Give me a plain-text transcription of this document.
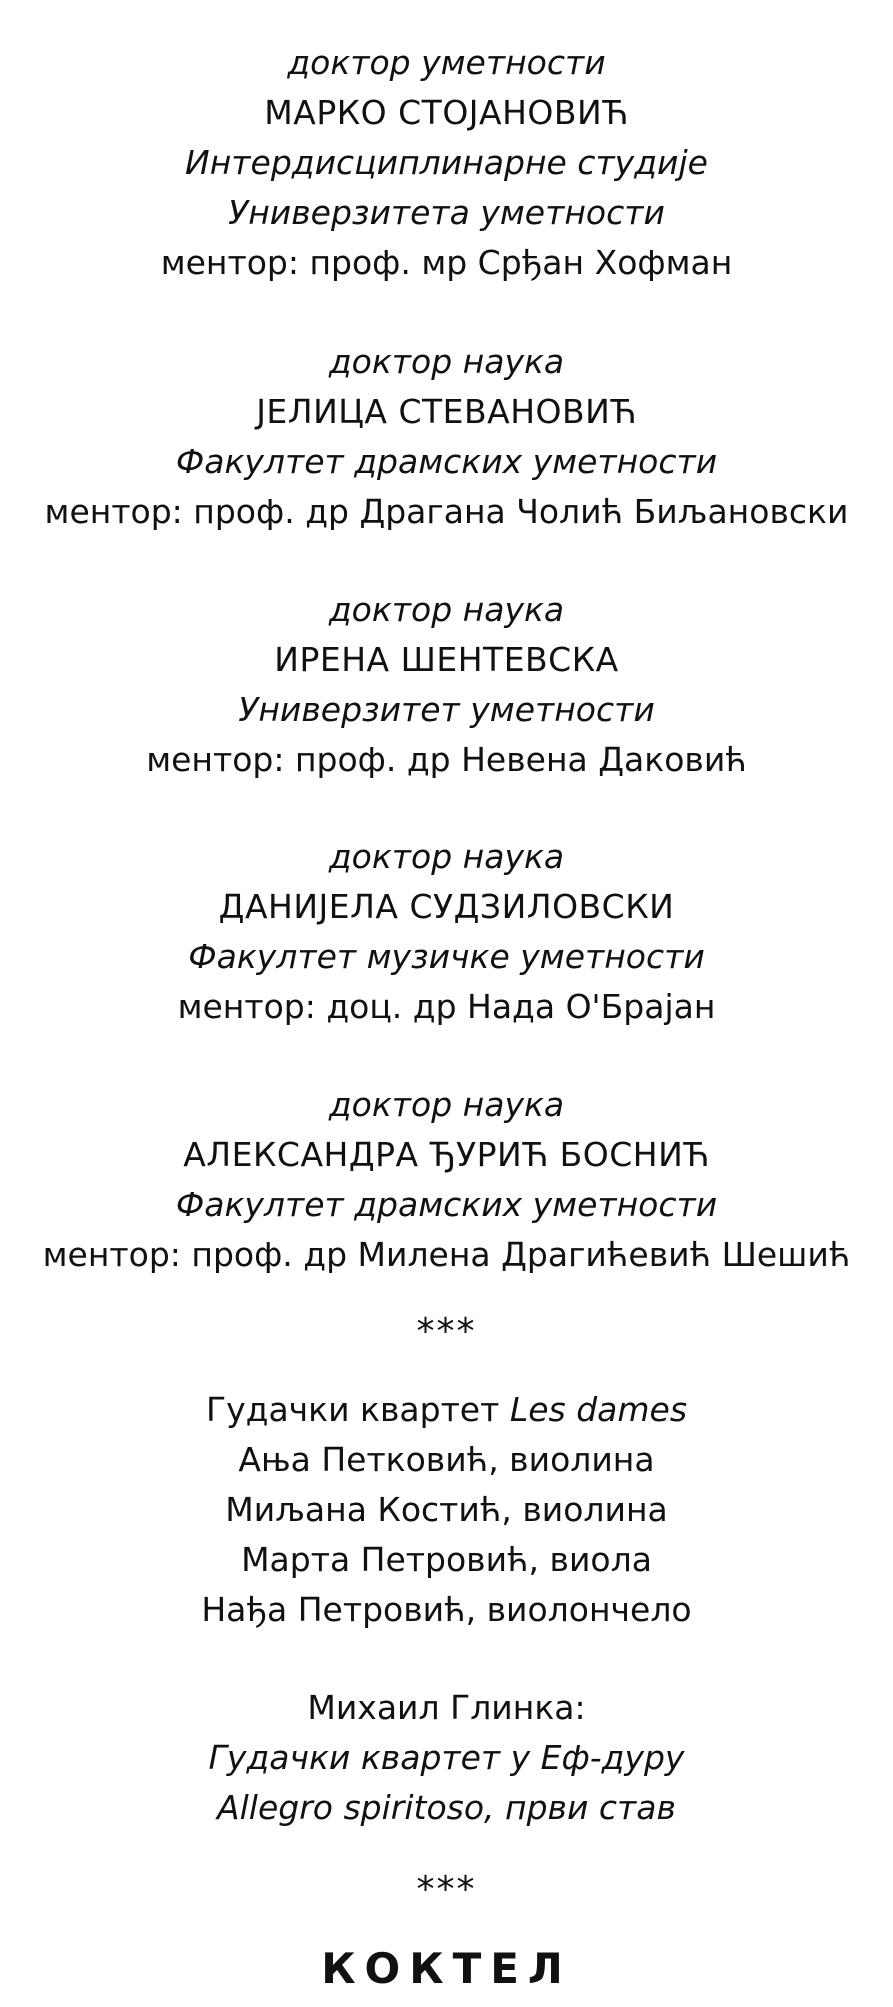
доктор уметности
МАРКО СТОЈАНОВИЋ
Интердисциплинарне студије
Универзитета уметности
ментор: проф. мр Срђан Хофман
доктор наука
ЈЕЛИЦА СТЕВАНОВИЋ
Факултет драмских уметности
ментор: проф. др Драгана Чолић Биљановски
доктор наука
ИРЕНА ШЕНТЕВСКА
Универзитет уметности
ментор: проф. др Невена Даковић
доктор наука
ДАНИЈЕЛА СУДЗИЛОВСКИ
Факултет музичке уметности
ментор: доц. др Нада О'Брајан
доктор наука
АЛЕКСАНДРА ЂУРИЋ БОСНИЋ
Факултет драмских уметности
ментор: проф. др Милена Драгићевић Шешић
***
Гудачки квартет Les dames
Ања Петковић, виолина
Миљана Костић, виолина
Марта Петровић, виола
Нађа Петровић, виолончело
Михаил Глинка:
Гудачки квартет у Еф-дуру
Allegro spiritoso, први став
***
КОКТЕЛ
